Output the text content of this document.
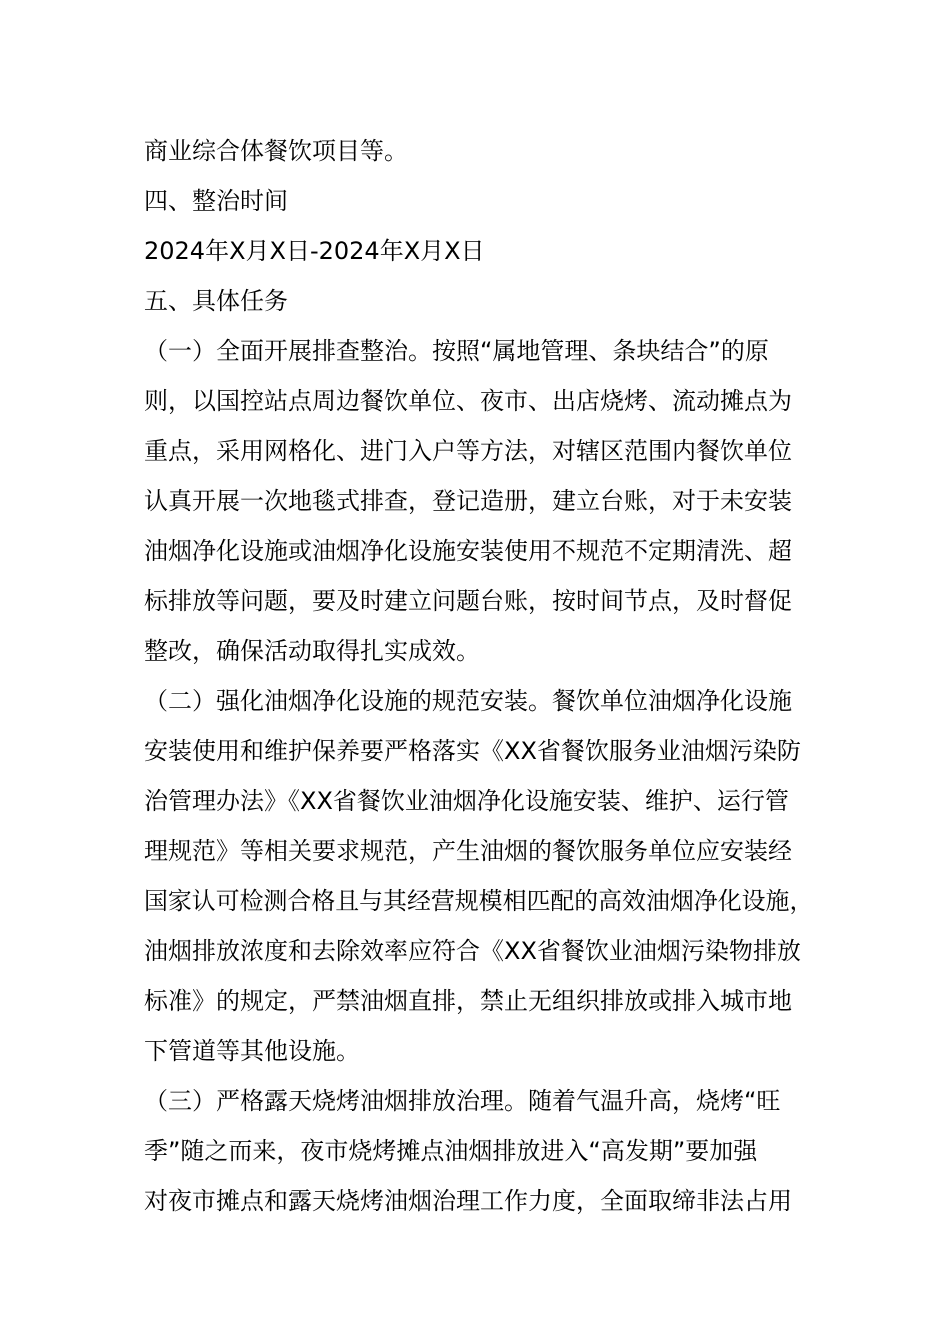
商业综合体餐饮项目等。
四、整治时间
2024年X月X日-2024年X月X日
五、具体任务
（一）全面开展排查整治。按照“属地管理、条块结合”的原
则，以国控站点周边餐饮单位、夜市、出店烧烤、流动摊点为
重点，采用网格化、进门入户等方法，对辖区范围内餐饮单位
认真开展一次地毯式排查，登记造册，建立台账，对于未安装
油烟净化设施或油烟净化设施安装使用不规范不定期清洗、超
标排放等问题，要及时建立问题台账，按时间节点，及时督促
整改，确保活动取得扎实成效。
（二）强化油烟净化设施的规范安装。餐饮单位油烟净化设施
安装使用和维护保养要严格落实《XX省餐饮服务业油烟污染防
治管理办法》《XX省餐饮业油烟净化设施安装、维护、运行管
理规范》等相关要求规范，产生油烟的餐饮服务单位应安装经
国家认可检测合格且与其经营规模相匹配的高效油烟净化设施，
油烟排放浓度和去除效率应符合《XX省餐饮业油烟污染物排放
标准》的规定，严禁油烟直排，禁止无组织排放或排入城市地
下管道等其他设施。
（三）严格露天烧烤油烟排放治理。随着气温升高，烧烤“旺
季”随之而来，夜市烧烤摊点油烟排放进入“高发期”要加强
对夜市摊点和露天烧烤油烟治理工作力度，全面取缔非法占用
